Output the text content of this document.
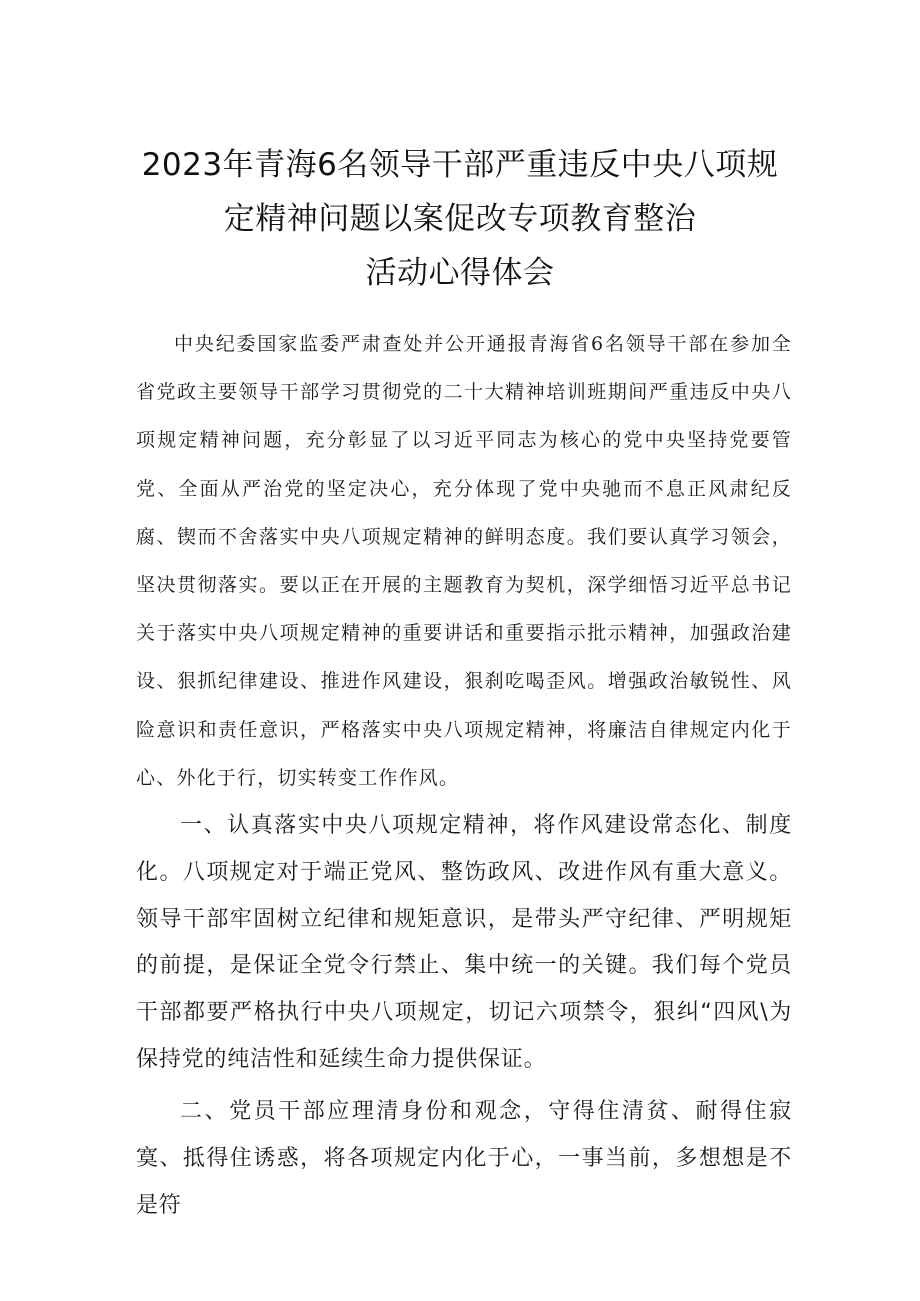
2023年青海6名领导干部严重违反中央八项规
定精神问题以案促改专项教育整治
活动心得体会

中央纪委国家监委严肃查处并公开通报青海省6名领导干部在参加全省党政主要领导干部学习贯彻党的二十大精神培训班期间严重违反中央八项规定精神问题，充分彰显了以习近平同志为核心的党中央坚持党要管党、全面从严治党的坚定决心，充分体现了党中央驰而不息正风肃纪反腐、锲而不舍落实中央八项规定精神的鲜明态度。我们要认真学习领会，坚决贯彻落实。要以正在开展的主题教育为契机，深学细悟习近平总书记关于落实中央八项规定精神的重要讲话和重要指示批示精神，加强政治建设、狠抓纪律建设、推进作风建设，狠刹吃喝歪风。增强政治敏锐性、风险意识和责任意识，严格落实中央八项规定精神，将廉洁自律规定内化于心、外化于行，切实转变工作作风。

一、认真落实中央八项规定精神，将作风建设常态化、制度化。八项规定对于端正党风、整饬政风、改进作风有重大意义。领导干部牢固树立纪律和规矩意识，是带头严守纪律、严明规矩的前提，是保证全党令行禁止、集中统一的关键。我们每个党员干部都要严格执行中央八项规定，切记六项禁令，狠纠“四风\为保持党的纯洁性和延续生命力提供保证。

二、党员干部应理清身份和观念，守得住清贫、耐得住寂寞、抵得住诱惑，将各项规定内化于心，一事当前，多想想是不是符
